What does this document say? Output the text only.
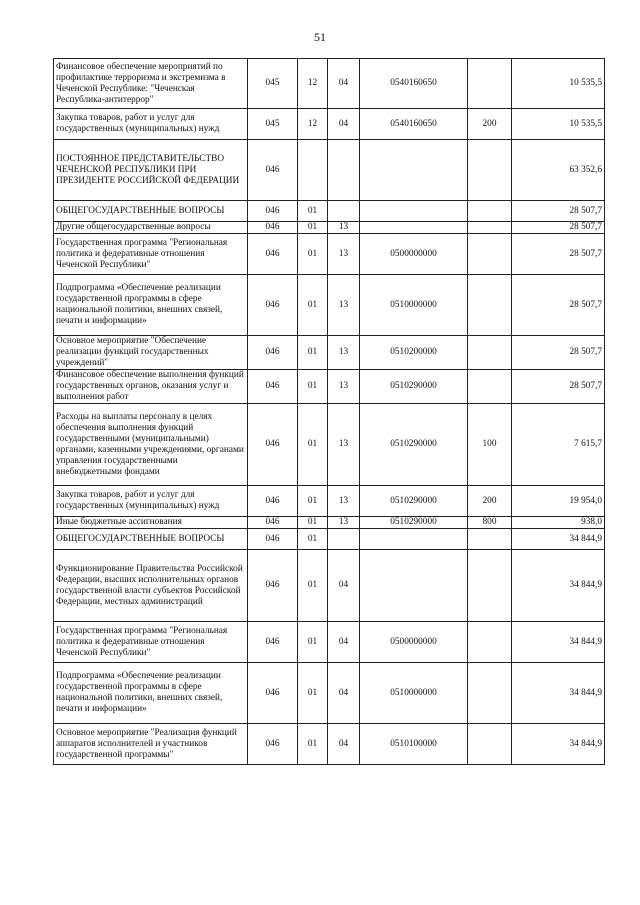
51
Финансовое обеспечение мероприятий по профилактике терроризма и экстремизма в Чеченской Республике: "Чеченская Республика-антитеррор"	045	12	04	0540160650		10 535,5
Закупка товаров, работ и услуг для государственных (муниципальных) нужд	045	12	04	0540160650	200	10 535,5
ПОСТОЯННОЕ ПРЕДСТАВИТЕЛЬСТВО ЧЕЧЕНСКОЙ РЕСПУБЛИКИ ПРИ ПРЕЗИДЕНТЕ РОССИЙСКОЙ ФЕДЕРАЦИИ	046					63 352,6
ОБЩЕГОСУДАРСТВЕННЫЕ ВОПРОСЫ	046	01				28 507,7
Другие общегосударственные вопросы	046	01	13			28 507,7
Государственная программа "Региональная политика и федеративные отношения Чеченской Республики"	046	01	13	0500000000		28 507,7
Подпрограмма «Обеспечение реализации государственной программы в сфере национальной политики, внешних связей, печати и информации»	046	01	13	0510000000		28 507,7
Основное мероприятие "Обеспечение реализации функций государственных учреждений"	046	01	13	0510200000		28 507,7
Финансовое обеспечение выполнения функций государственных органов, оказания услуг и выполнения работ	046	01	13	0510290000		28 507,7
Расходы на выплаты персоналу в целях обеспечения выполнения функций государственными (муниципальными) органами, казенными учреждениями, органами управления государственными внебюджетными фондами	046	01	13	0510290000	100	7 615,7
Закупка товаров, работ и услуг для государственных (муниципальных) нужд	046	01	13	0510290000	200	19 954,0
Иные бюджетные ассигнования	046	01	13	0510290000	800	938,0
ОБЩЕГОСУДАРСТВЕННЫЕ ВОПРОСЫ	046	01				34 844,9
Функционирование Правительства Российской Федерации, высших исполнительных органов государственной власти субъектов Российской Федерации, местных администраций	046	01	04			34 844,9
Государственная программа "Региональная политика и федеративные отношения Чеченской Республики"	046	01	04	0500000000		34 844,9
Подпрограмма «Обеспечение реализации государственной программы в сфере национальной политики, внешних связей, печати и информации»	046	01	04	0510000000		34 844,9
Основное мероприятие "Реализация функций аппаратов исполнителей и участников государственной программы"	046	01	04	0510100000		34 844,9
